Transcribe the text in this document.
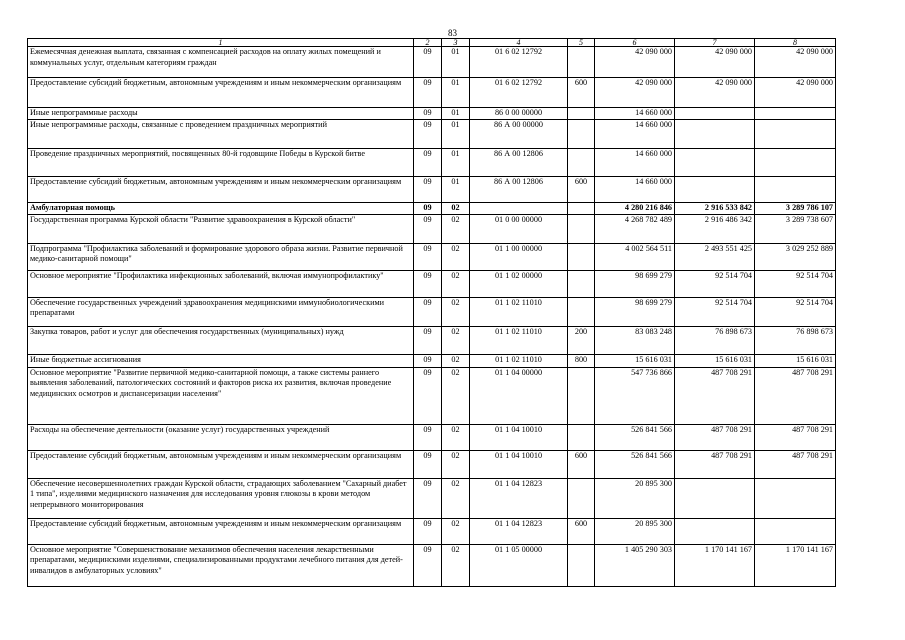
83
1	2	3	4	5	6	7	8
Ежемесячная денежная выплата, связанная с компенсацией расходов на оплату жилых помещений и коммунальных услуг, отдельным категориям граждан	09	01	01 6 02 12792		42 090 000	42 090 000	42 090 000
Предоставление субсидий бюджетным, автономным учреждениям и иным некоммерческим организациям	09	01	01 6 02 12792	600	42 090 000	42 090 000	42 090 000
Иные непрограммные расходы	09	01	86 0 00 00000		14 660 000		
Иные непрограммные расходы, связанные с проведением праздничных мероприятий	09	01	86 А 00 00000		14 660 000		
Проведение праздничных мероприятий, посвященных 80-й годовщине Победы в Курской битве	09	01	86 А 00 12806		14 660 000		
Предоставление субсидий бюджетным, автономным учреждениям и иным некоммерческим организациям	09	01	86 А 00 12806	600	14 660 000		
Амбулаторная помощь	09	02			4 280 216 846	2 916 533 842	3 289 786 107
Государственная программа Курской области "Развитие здравоохранения в Курской области"	09	02	01 0 00 00000		4 268 782 489	2 916 486 342	3 289 738 607
Подпрограмма "Профилактика заболеваний и формирование здорового образа жизни. Развитие первичной медико-санитарной помощи"	09	02	01 1 00 00000		4 002 564 511	2 493 551 425	3 029 252 889
Основное мероприятие "Профилактика инфекционных заболеваний, включая иммунопрофилактику"	09	02	01 1 02 00000		98 699 279	92 514 704	92 514 704
Обеспечение государственных учреждений здравоохранения медицинскими иммунобиологическими препаратами	09	02	01 1 02 11010		98 699 279	92 514 704	92 514 704
Закупка товаров, работ и услуг для обеспечения государственных (муниципальных) нужд	09	02	01 1 02 11010	200	83 083 248	76 898 673	76 898 673
Иные бюджетные ассигнования	09	02	01 1 02 11010	800	15 616 031	15 616 031	15 616 031
Основное мероприятие "Развитие первичной медико-санитарной помощи, а также системы раннего выявления заболеваний, патологических состояний и факторов риска их развития, включая проведение медицинских осмотров и диспансеризации населения"	09	02	01 1 04 00000		547 736 866	487 708 291	487 708 291
Расходы на обеспечение деятельности (оказание услуг) государственных учреждений	09	02	01 1 04 10010		526 841 566	487 708 291	487 708 291
Предоставление субсидий бюджетным, автономным учреждениям и иным некоммерческим организациям	09	02	01 1 04 10010	600	526 841 566	487 708 291	487 708 291
Обеспечение несовершеннолетних граждан Курской области, страдающих заболеванием "Сахарный диабет 1 типа", изделиями медицинского назначения для исследования уровня глюкозы в крови методом непрерывного мониторирования	09	02	01 1 04 12823		20 895 300		
Предоставление субсидий бюджетным, автономным учреждениям и иным некоммерческим организациям	09	02	01 1 04 12823	600	20 895 300		
Основное мероприятие "Совершенствование механизмов обеспечения населения лекарственными препаратами, медицинскими изделиями, специализированными продуктами лечебного питания для детей-инвалидов в амбулаторных условиях"	09	02	01 1 05 00000		1 405 290 303	1 170 141 167	1 170 141 167
